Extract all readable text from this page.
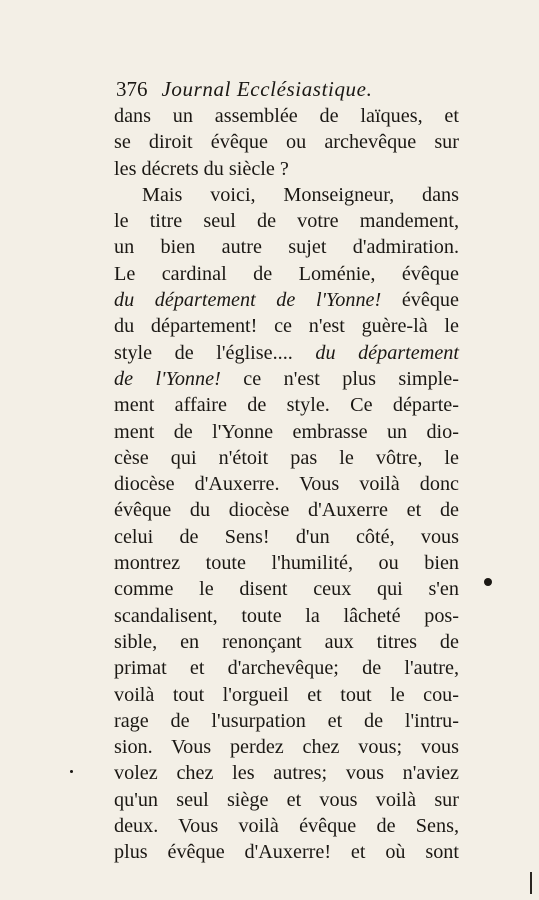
376 Journal Ecclésiastique.
dans un assemblée de laïques, et
se diroit évêque ou archevêque sur
les décrets du siècle ?
Mais voici, Monseigneur, dans
le titre seul de votre mandement,
un bien autre sujet d'admiration.
Le cardinal de Loménie, évêque
du département de l'Yonne! évêque
du département! ce n'est guère-là le
style de l'église.... du département
de l'Yonne! ce n'est plus simple-
ment affaire de style. Ce départe-
ment de l'Yonne embrasse un dio-
cèse qui n'étoit pas le vôtre, le
diocèse d'Auxerre. Vous voilà donc
évêque du diocèse d'Auxerre et de
celui de Sens! d'un côté, vous
montrez toute l'humilité, ou bien
comme le disent ceux qui s'en
scandalisent, toute la lâcheté pos-
sible, en renonçant aux titres de
primat et d'archevêque; de l'autre,
voilà tout l'orgueil et tout le cou-
rage de l'usurpation et de l'intru-
sion. Vous perdez chez vous; vous
volez chez les autres; vous n'aviez
qu'un seul siège et vous voilà sur
deux. Vous voilà évêque de Sens,
plus évêque d'Auxerre! et où sont
